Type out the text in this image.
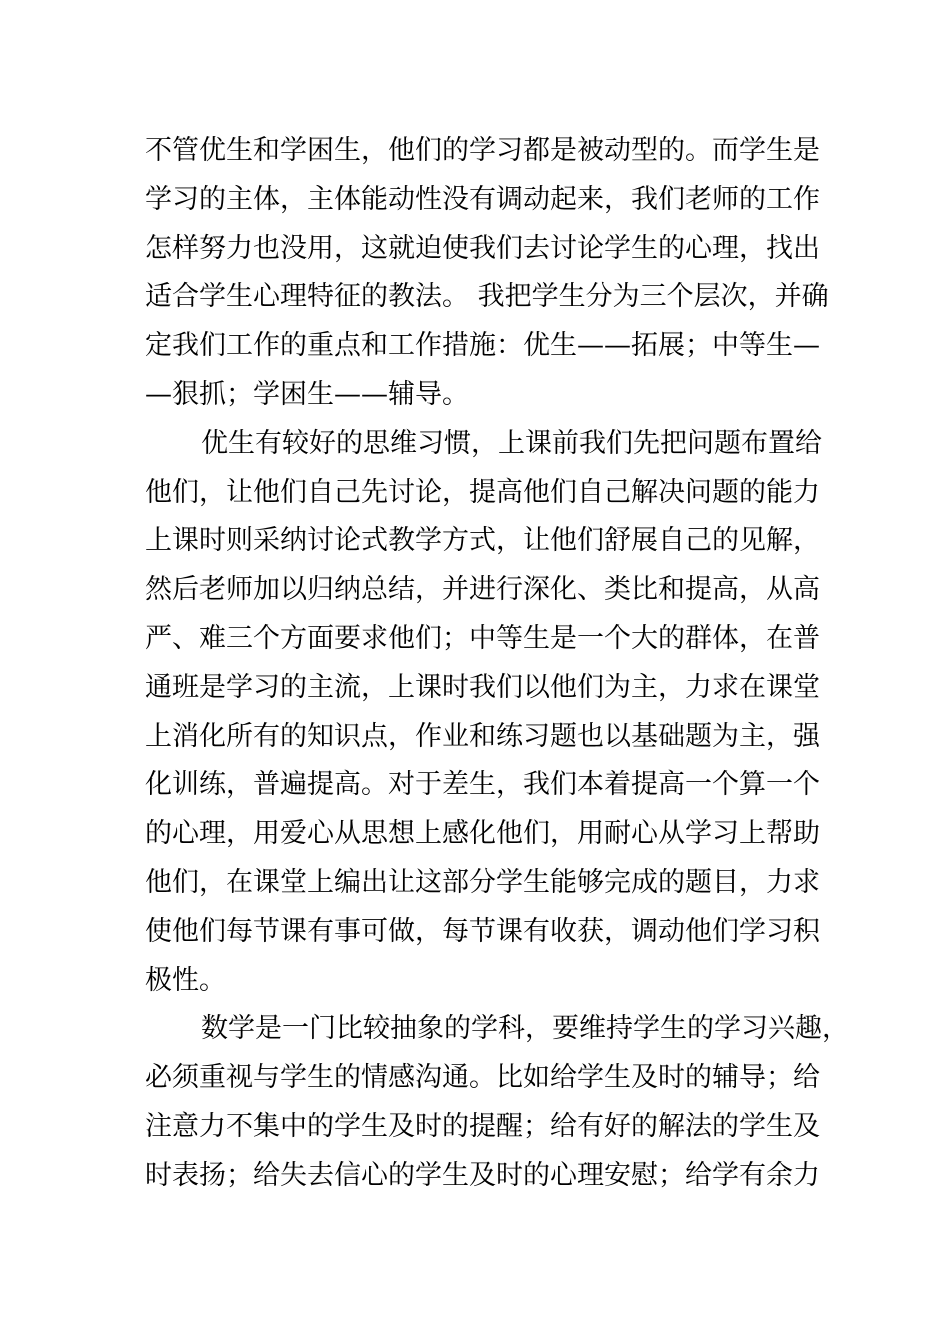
不管优生和学困生，他们的学习都是被动型的。而学生是
学习的主体，主体能动性没有调动起来，我们老师的工作
怎样努力也没用，这就迫使我们去讨论学生的心理，找出
适合学生心理特征的教法。 我把学生分为三个层次，并确
定我们工作的重点和工作措施：优生——拓展；中等生—
—狠抓；学困生——辅导。
优生有较好的思维习惯，上课前我们先把问题布置给
他们，让他们自己先讨论，提高他们自己解决问题的能力
上课时则采纳讨论式教学方式，让他们舒展自己的见解，
然后老师加以归纳总结，并进行深化、类比和提高，从高
严、难三个方面要求他们；中等生是一个大的群体，在普
通班是学习的主流，上课时我们以他们为主，力求在课堂
上消化所有的知识点，作业和练习题也以基础题为主，强
化训练，普遍提高。对于差生，我们本着提高一个算一个
的心理，用爱心从思想上感化他们，用耐心从学习上帮助
他们，在课堂上编出让这部分学生能够完成的题目，力求
使他们每节课有事可做，每节课有收获，调动他们学习积
极性。
数学是一门比较抽象的学科，要维持学生的学习兴趣，
必须重视与学生的情感沟通。比如给学生及时的辅导；给
注意力不集中的学生及时的提醒；给有好的解法的学生及
时表扬；给失去信心的学生及时的心理安慰；给学有余力
